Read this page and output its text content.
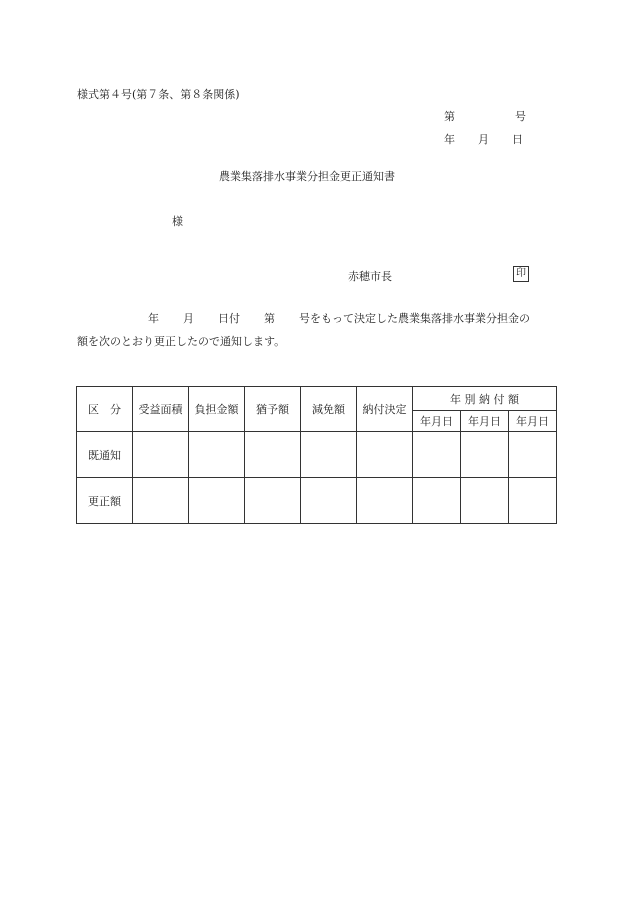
様式第４号(第７条、第８条関係)
第	号
年 月 日
農業集落排水事業分担金更正通知書
様
赤穂市長	印
年 月 日付 第 号をもって決定した農業集落排水事業分担金の
額を次のとおり更正したので通知します。
区　分	受益面積	負担金額	猶予額	減免額	納付決定	年 別 納 付 額		
						年月日	年月日	年月日
既通知								
更正額								
